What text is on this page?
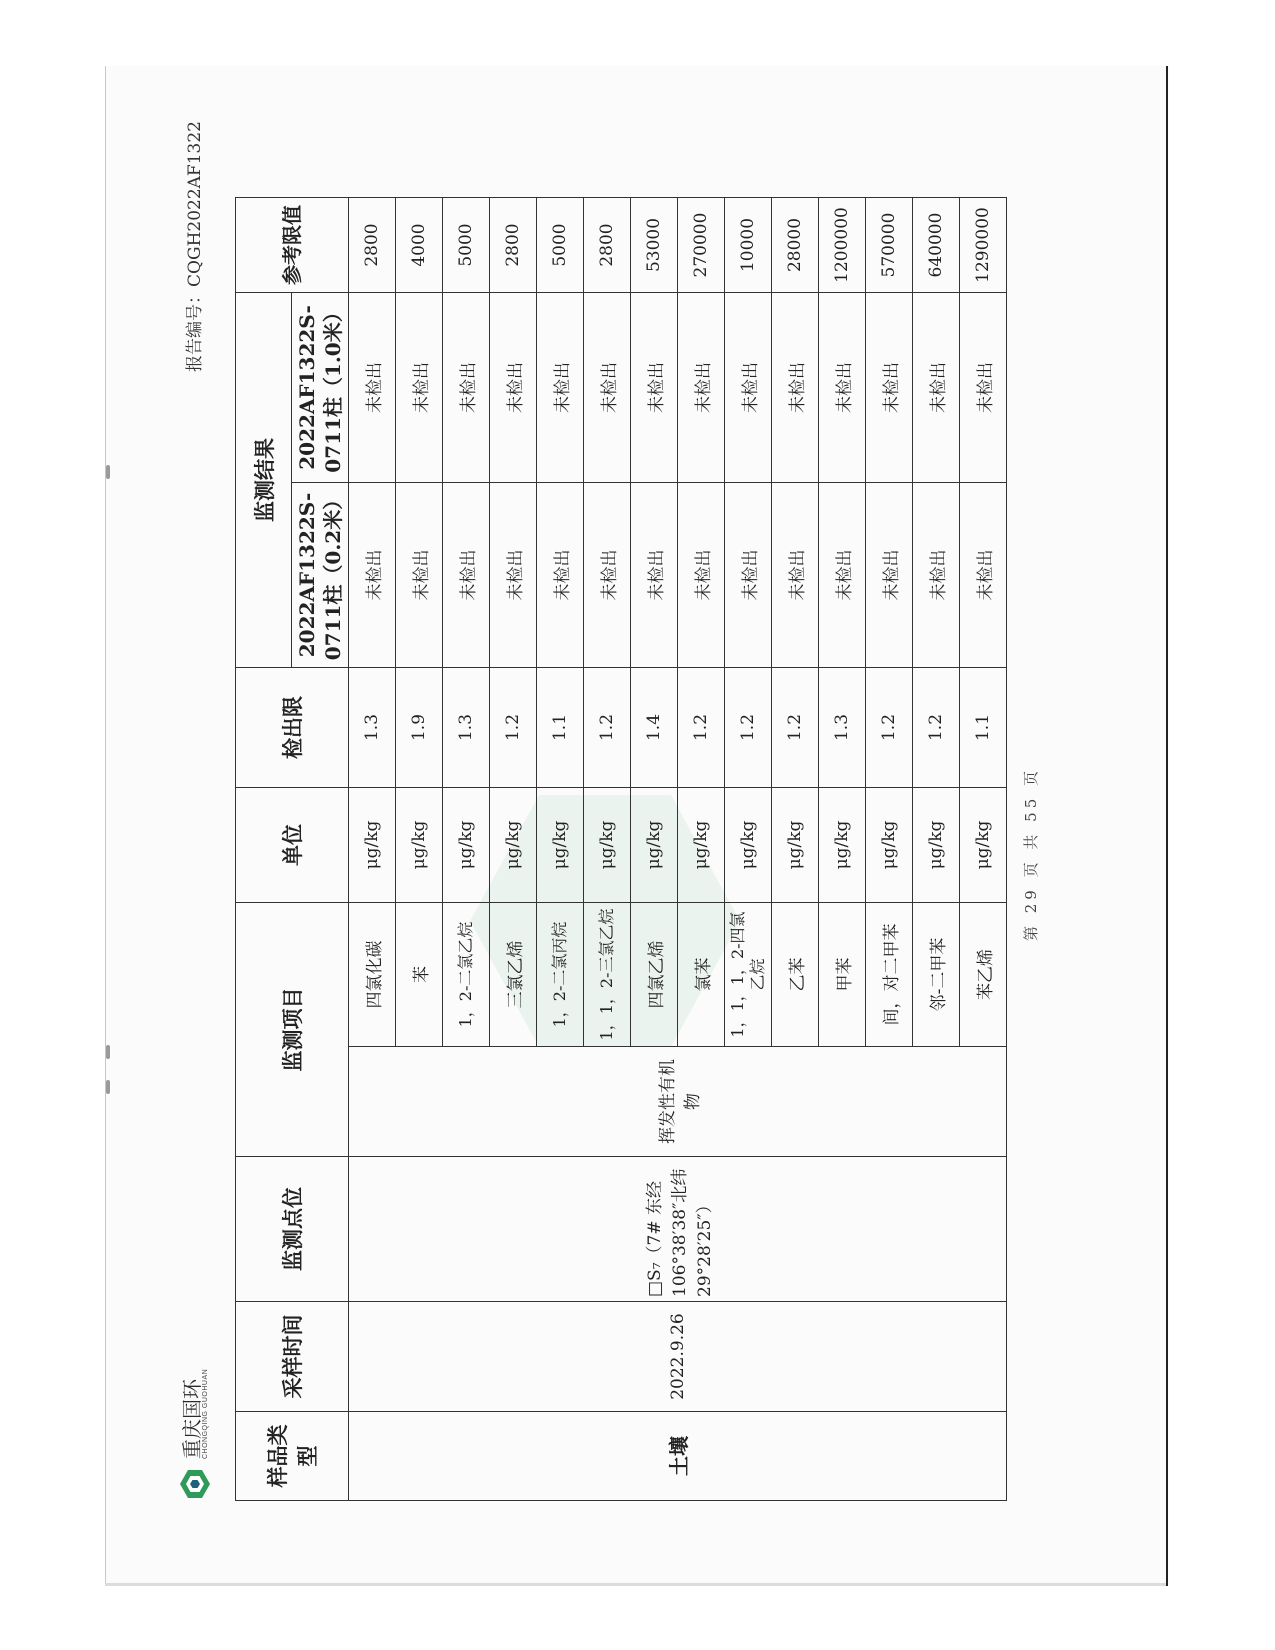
重庆国环
CHONGQING GUOHUAN
报告编号：CQGH2022AF1322
样品类型	采样时间	监测点位	监测项目		单位	检出限	监测结果		参考限值
							2022AF1322S-0711柱（0.2米）	2022AF1322S-0711柱（1.0米）	
土壤	2022.9.26	□S₇（7# 东经 106°38′38″北纬 29°28′25″）	挥发性有机物	四氯化碳	μg/kg	1.3	未检出	未检出	2800
				苯	μg/kg	1.9	未检出	未检出	4000
				1，2-二氯乙烷	μg/kg	1.3	未检出	未检出	5000
				三氯乙烯	μg/kg	1.2	未检出	未检出	2800
				1，2-二氯丙烷	μg/kg	1.1	未检出	未检出	5000
				1，1，2-三氯乙烷	μg/kg	1.2	未检出	未检出	2800
				四氯乙烯	μg/kg	1.4	未检出	未检出	53000
				氯苯	μg/kg	1.2	未检出	未检出	270000
				1，1，1，2-四氯乙烷	μg/kg	1.2	未检出	未检出	10000
				乙苯	μg/kg	1.2	未检出	未检出	28000
				甲苯	μg/kg	1.3	未检出	未检出	1200000
				间，对二甲苯	μg/kg	1.2	未检出	未检出	570000
				邻-二甲苯	μg/kg	1.2	未检出	未检出	640000
				苯乙烯	μg/kg	1.1	未检出	未检出	1290000
第 29 页 共 55 页
